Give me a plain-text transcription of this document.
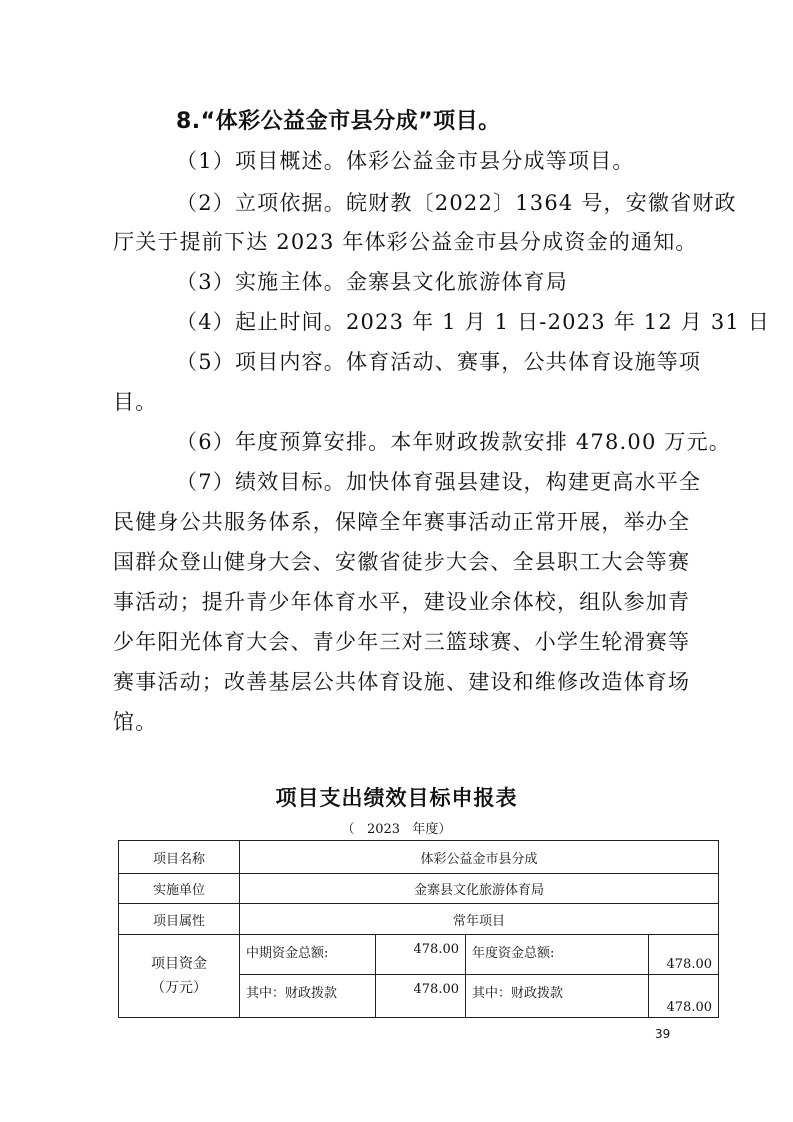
8.“体彩公益金市县分成”项目。
（1）项目概述。体彩公益金市县分成等项目。
（2）立项依据。皖财教〔2022〕1364 号，安徽省财政
厅关于提前下达 2023 年体彩公益金市县分成资金的通知。
（3）实施主体。金寨县文化旅游体育局
（4）起止时间。2023 年 1 月 1 日-2023 年 12 月 31 日
（5）项目内容。体育活动、赛事，公共体育设施等项
目。
（6）年度预算安排。本年财政拨款安排 478.00 万元。
（7）绩效目标。加快体育强县建设，构建更高水平全
民健身公共服务体系，保障全年赛事活动正常开展，举办全
国群众登山健身大会、安徽省徒步大会、全县职工大会等赛
事活动；提升青少年体育水平，建设业余体校，组队参加青
少年阳光体育大会、青少年三对三篮球赛、小学生轮滑赛等
赛事活动；改善基层公共体育设施、建设和维修改造体育场
馆。
项目支出绩效目标申报表
（   2023   年度）
项目名称	体彩公益金市县分成			
实施单位	金寨县文化旅游体育局			
项目属性	常年项目			

项目资金
（万元）	中期资金总额:	478.00	年度资金总额:	478.00
	其中：财政拨款	478.00	其中：财政拨款	478.00
39
